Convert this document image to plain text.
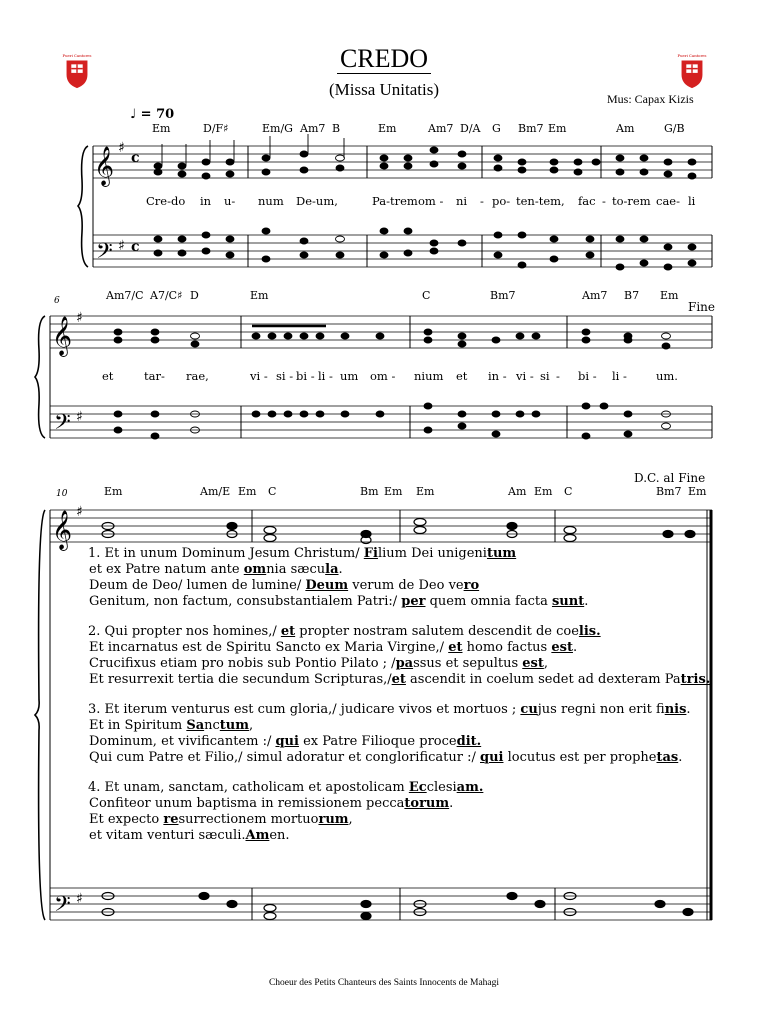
CREDO
(Missa Unitatis)	Mus: Capax Kizis
♩ = 70
Pueri Cantores	Pueri Cantores
𝄞
𝄢
♯
♯
c
c
𝄞
𝄢
♯
♯
𝄞
𝄢
♯
♯
Em	D/F♯	Em/G Am7 B	Em	Am7 D/A G Bm7 Em	Am	G/B
Cre-do in u- num De-um,	Pa-trem om - ni - po- ten-tem, fac - to-rem cae- li
6	Am7/C A7/C♯ D	Em	C	Bm7	Am7 B7 Em
Fine
et	tar- rae,	vi - si - bi - li - um om - nium et in - vi - si - bi - li -	um.
10
D.C. al Fine
Em	Am/E Em C	Bm Em Em	Am Em C	Bm7 Em

1. Et in unum Dominum Jesum Christum/ Filium Dei unigenitum
et ex Patre natum ante omnia sæcula.
Deum de Deo/ lumen de lumine/ Deum verum de Deo vero
Genitum, non factum, consubstantialem Patri:/ per quem omnia facta sunt.

2. Qui propter nos homines,/ et propter nostram salutem descendit de coelis.
Et incarnatus est de Spiritu Sancto ex Maria Virgine,/ et homo factus est.
Crucifixus etiam pro nobis sub Pontio Pilato ; /passus et sepultus est,
Et resurrexit tertia die secundum Scripturas,/et ascendit in coelum sedet ad dexteram Patris.

3. Et iterum venturus est cum gloria,/ judicare vivos et mortuos ; cujus regni non erit finis.
Et in Spiritum Sanctum,
Dominum, et vivificantem :/ qui ex Patre Filioque procedit.
Qui cum Patre et Filio,/ simul adoratur et conglorificatur :/ qui locutus est per prophetas.

4. Et unam, sanctam, catholicam et apostolicam Ecclesiam.
Confiteor unum baptisma in remissionem peccatorum.
Et expecto resurrectionem mortuorum,
et vitam venturi sæculi.Amen.

Choeur des Petits Chanteurs des Saints Innocents de Mahagi
